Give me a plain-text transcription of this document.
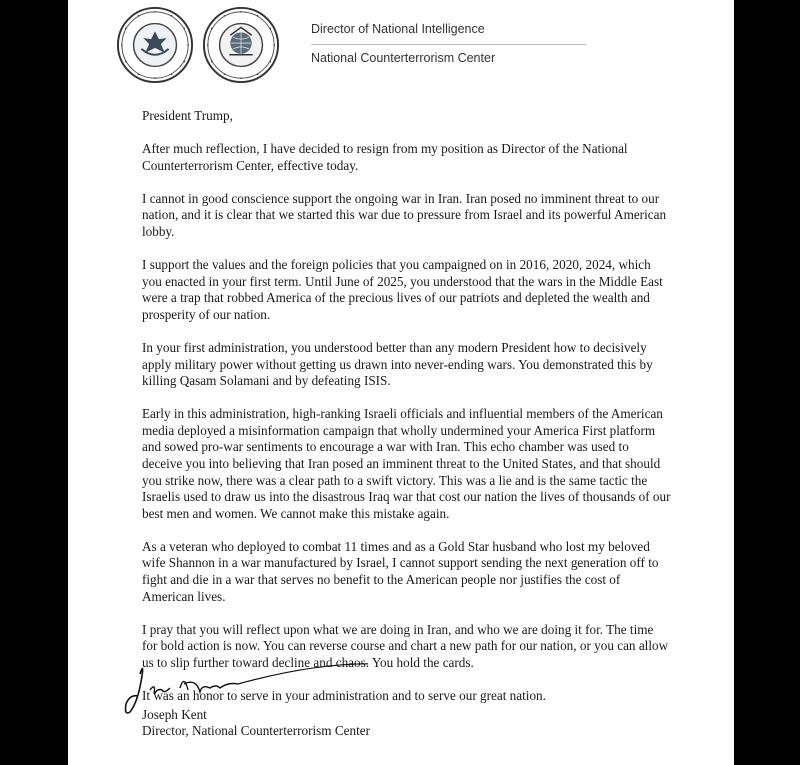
Director of National Intelligence
National Counterterrorism Center

President Trump,

After much reflection, I have decided to resign from my position as Director of the National Counterterrorism Center, effective today.

I cannot in good conscience support the ongoing war in Iran. Iran posed no imminent threat to our nation, and it is clear that we started this war due to pressure from Israel and its powerful American lobby.

I support the values and the foreign policies that you campaigned on in 2016, 2020, 2024, which you enacted in your first term. Until June of 2025, you understood that the wars in the Middle East were a trap that robbed America of the precious lives of our patriots and depleted the wealth and prosperity of our nation.

In your first administration, you understood better than any modern President how to decisively apply military power without getting us drawn into never-ending wars. You demonstrated this by killing Qasam Solamani and by defeating ISIS.

Early in this administration, high-ranking Israeli officials and influential members of the American media deployed a misinformation campaign that wholly undermined your America First platform and sowed pro-war sentiments to encourage a war with Iran. This echo chamber was used to deceive you into believing that Iran posed an imminent threat to the United States, and that should you strike now, there was a clear path to a swift victory. This was a lie and is the same tactic the Israelis used to draw us into the disastrous Iraq war that cost our nation the lives of thousands of our best men and women. We cannot make this mistake again.

As a veteran who deployed to combat 11 times and as a Gold Star husband who lost my beloved wife Shannon in a war manufactured by Israel, I cannot support sending the next generation off to fight and die in a war that serves no benefit to the American people nor justifies the cost of American lives.

I pray that you will reflect upon what we are doing in Iran, and who we are doing it for. The time for bold action is now. You can reverse course and chart a new path for our nation, or you can allow us to slip further toward decline and chaos. You hold the cards.

It was an honor to serve in your administration and to serve our great nation.

Joseph Kent
Director, National Counterterrorism Center
